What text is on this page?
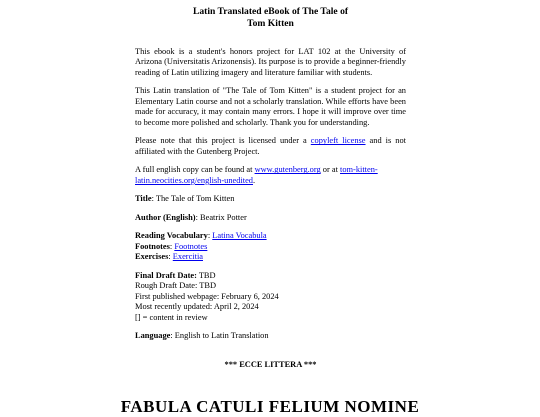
Latin Translated eBook of The Tale of
Tom Kitten

This ebook is a student's honors project for LAT 102 at the University of Arizona (Universitatis Arizonensis). Its purpose is to provide a beginner-friendly reading of Latin utilizing imagery and literature familiar with students.

This Latin translation of "The Tale of Tom Kitten" is a student project for an Elementary Latin course and not a scholarly translation. While efforts have been made for accuracy, it may contain many errors. I hope it will improve over time to become more polished and scholarly. Thank you for understanding.

Please note that this project is licensed under a copyleft license and is not affiliated with the Gutenberg Project.

A full english copy can be found at www.gutenberg.org or at tom-kitten-latin.neocities.org/english-unedited.

Title: The Tale of Tom Kitten

Author (English): Beatrix Potter

Reading Vocabulary: Latina Vocabula
Footnotes: Footnotes
Exercises: Exercitia

Final Draft Date: TBD
Rough Draft Date: TBD
First published webpage: February 6, 2024
Most recently updated: April 2, 2024
[] = content in review

Language: English to Latin Translation

*** ECCE LITTERA ***
FABULA CATULI FELIUM NOMINE
